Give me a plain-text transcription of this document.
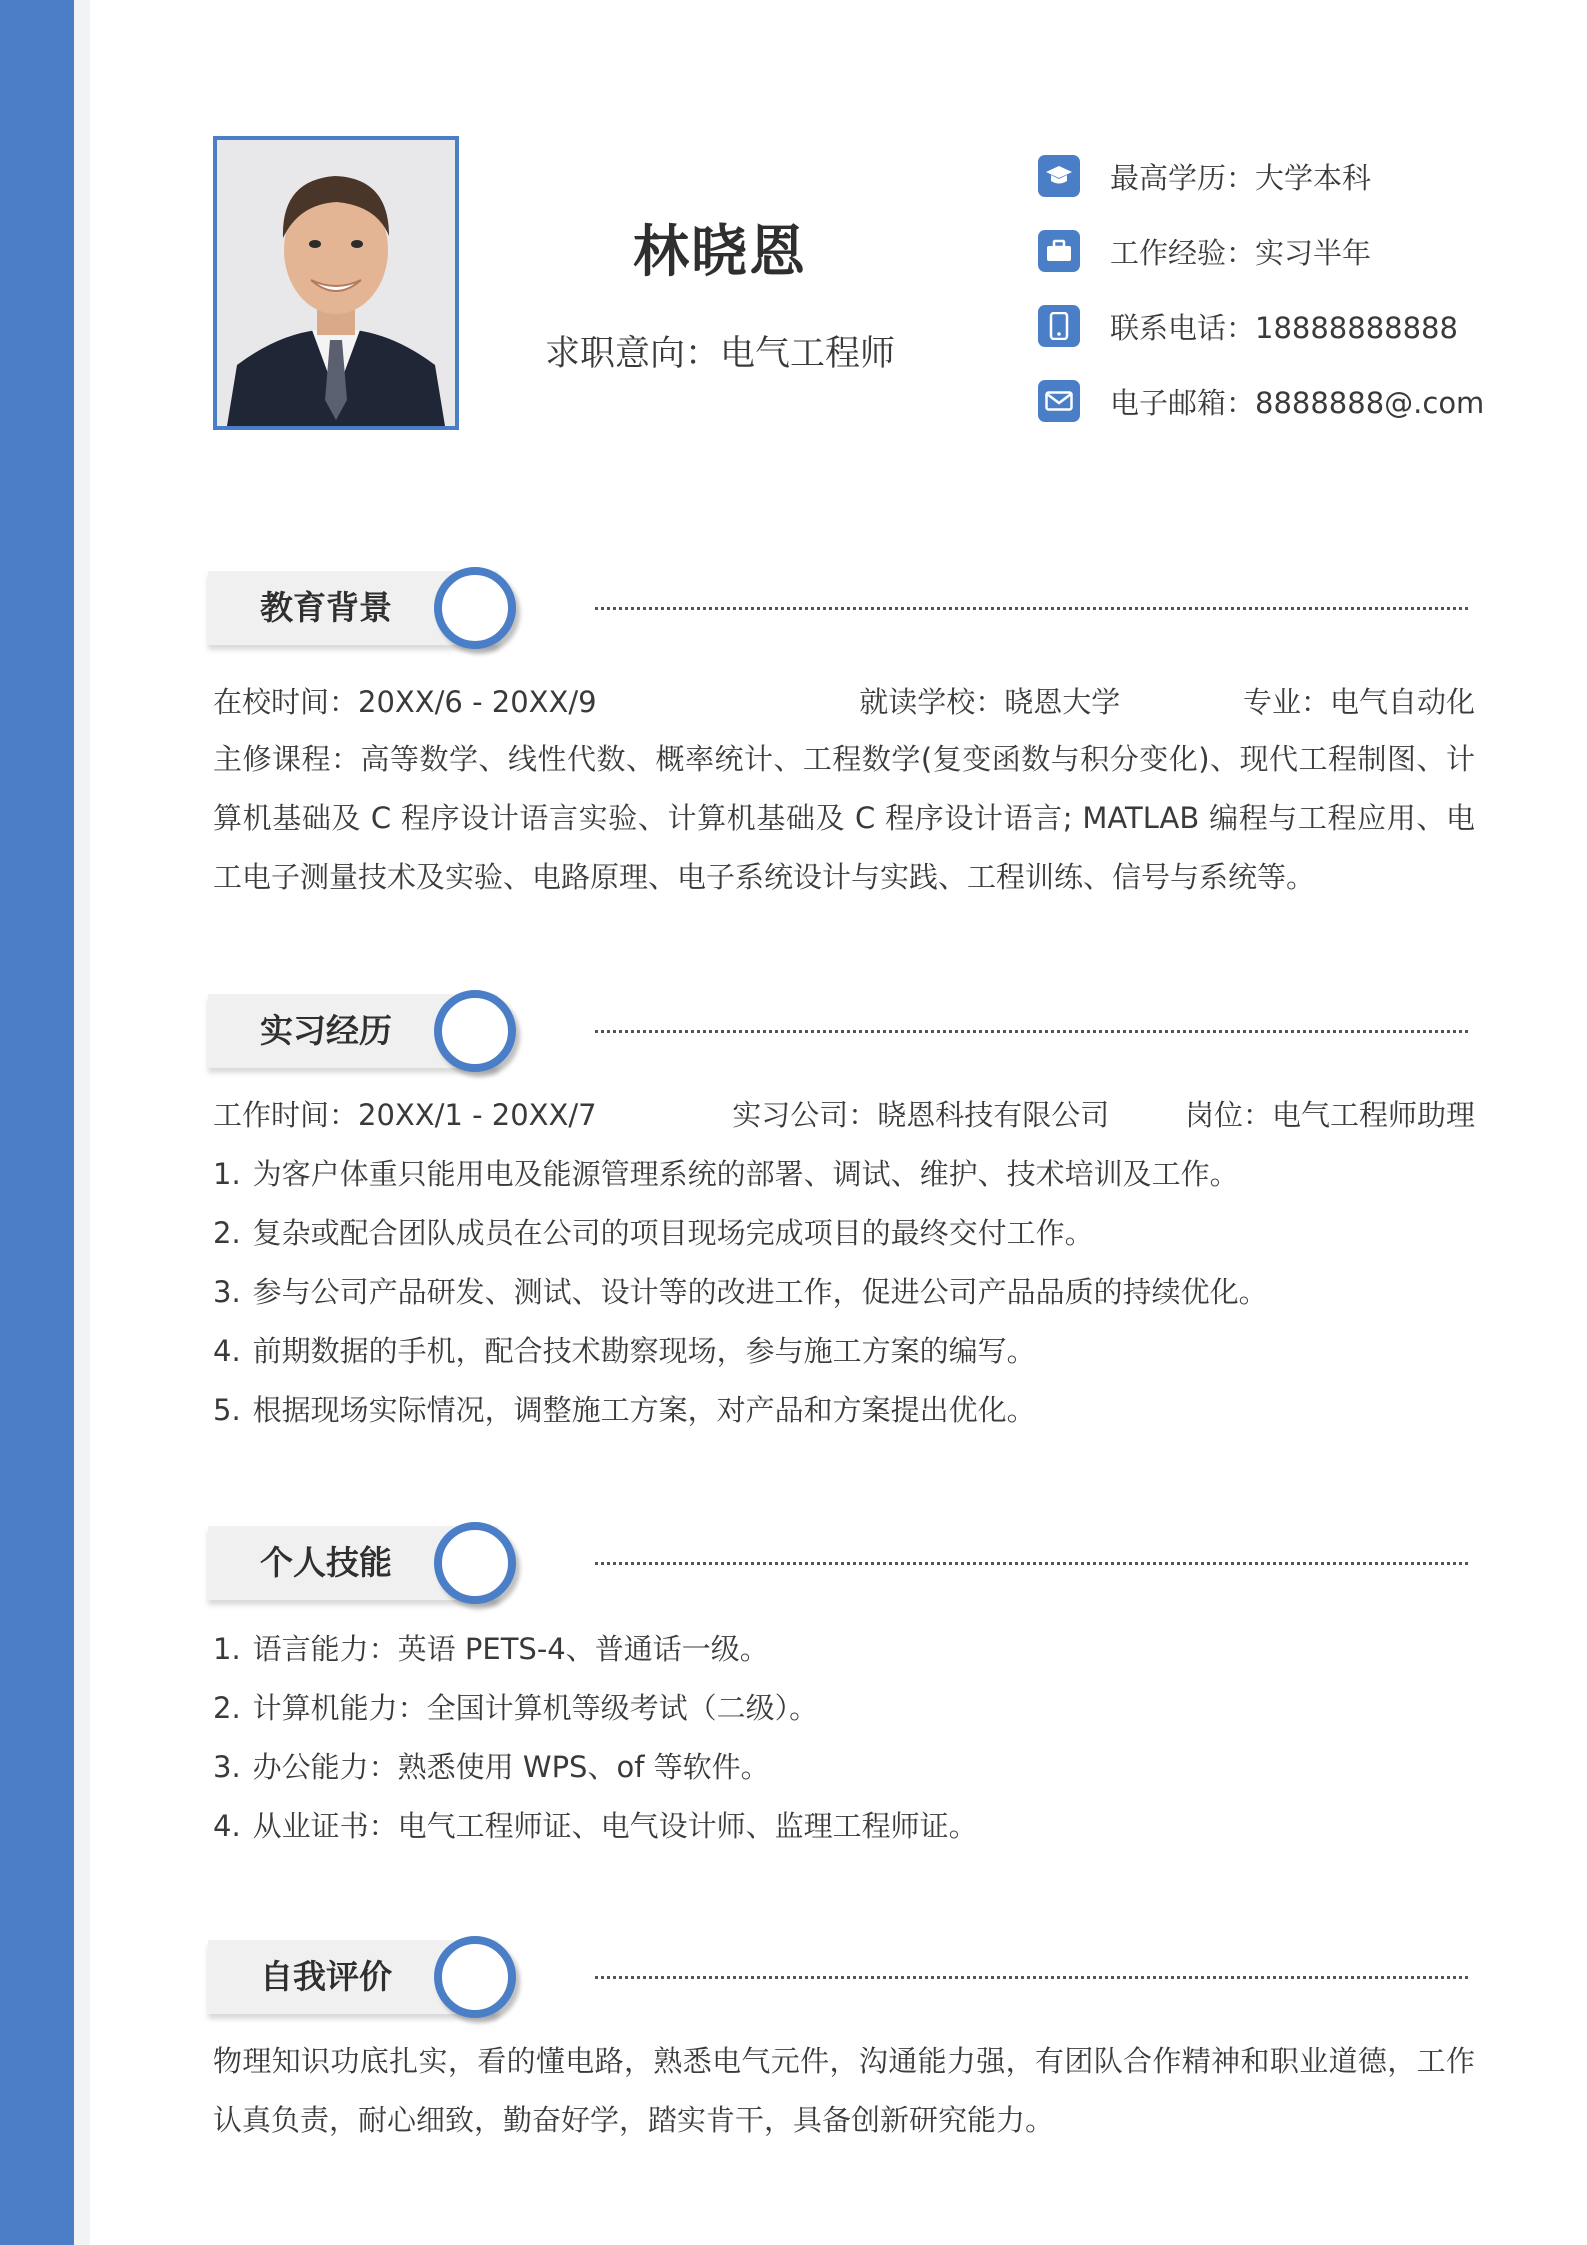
林晓恩
求职意向：电气工程师
最高学历：大学本科
工作经验：实习半年
联系电话：18888888888
电子邮箱：8888888@.com
教育背景
在校时间：20XX/6 - 20XX/9	就读学校：晓恩大学	专业：电气自动化
主修课程：高等数学、线性代数、概率统计、工程数学(复变函数与积分变化)、现代工程制图、计算机基础及 C 程序设计语言实验、计算机基础及 C 程序设计语言; MATLAB 编程与工程应用、电工电子测量技术及实验、电路原理、电子系统设计与实践、工程训练、信号与系统等。
实习经历
工作时间：20XX/1 - 20XX/7	实习公司：晓恩科技有限公司	岗位：电气工程师助理
1. 为客户体重只能用电及能源管理系统的部署、调试、维护、技术培训及工作。
2. 复杂或配合团队成员在公司的项目现场完成项目的最终交付工作。
3. 参与公司产品研发、测试、设计等的改进工作，促进公司产品品质的持续优化。
4. 前期数据的手机，配合技术勘察现场，参与施工方案的编写。
5. 根据现场实际情况，调整施工方案，对产品和方案提出优化。
个人技能
1. 语言能力：英语 PETS-4、普通话一级。
2. 计算机能力：全国计算机等级考试（二级）。
3. 办公能力：熟悉使用 WPS、of 等软件。
4. 从业证书：电气工程师证、电气设计师、监理工程师证。
自我评价
物理知识功底扎实，看的懂电路，熟悉电气元件，沟通能力强，有团队合作精神和职业道德，工作认真负责，耐心细致，勤奋好学，踏实肯干，具备创新研究能力。
